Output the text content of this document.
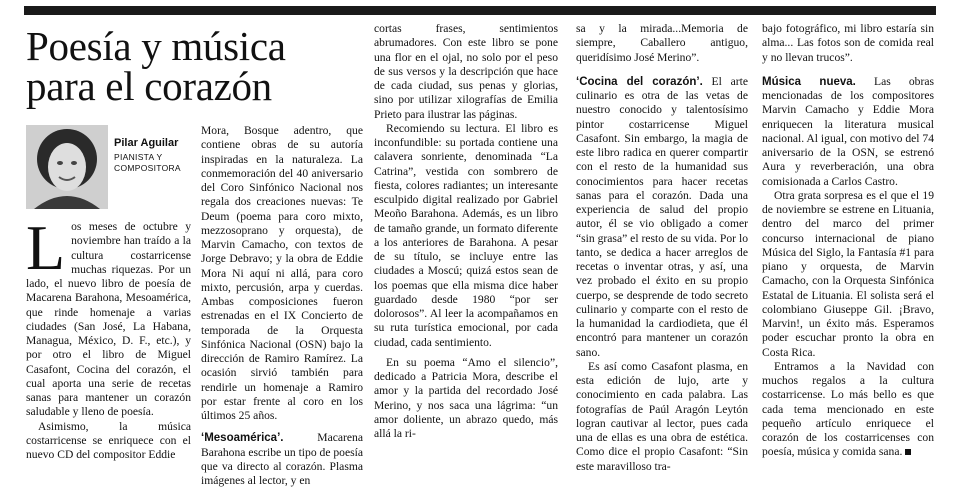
Poesía y música para el corazón
Pilar Aguilar
PIANISTA Y COMPOSITORA

L os meses de octubre y noviembre han traído a la cultura costarricense muchas riquezas. Por un lado, el nuevo libro de poesía de Macarena Barahona, Mesoamérica, que rinde homenaje a varias ciudades (San José, La Habana, Managua, México, D. F., etc.), y por otro el libro de Miguel Casafont, Cocina del corazón, el cual aporta una serie de recetas sanas para mantener un corazón saludable y lleno de poesía.

Asimismo, la música costarricense se enriquece con el nuevo CD del compositor Eddie

Mora, Bosque adentro, que contiene obras de su autoría inspiradas en la naturaleza. La conmemoración del 40 aniversario del Coro Sinfónico Nacional nos regala dos creaciones nuevas: Te Deum (poema para coro mixto, mezzosoprano y orquesta), de Marvin Camacho, con textos de Jorge Debravo; y la obra de Eddie Mora Ni aquí ni allá, para coro mixto, percusión, arpa y cuerdas. Ambas composiciones fueron estrenadas en el IX Concierto de temporada de la Orquesta Sinfónica Nacional (OSN) bajo la dirección de Ramiro Ramírez. La ocasión sirvió también para rendirle un homenaje a Ramiro por estar frente al coro en los últimos 25 años.

‘Mesoamérica’.	Macarena Barahona escribe un tipo de poesía que va directo al corazón. Plasma imágenes al lector, y en

cortas frases, sentimientos abrumadores. Con este libro se pone una flor en el ojal, no solo por el peso de sus versos y la descripción que hace de cada ciudad, sus penas y glorias, sino por utilizar xilografías de Emilia Prieto para ilustrar las páginas.

Recomiendo su lectura. El libro es inconfundible: su portada contiene una calavera sonriente, denominada “La Catrina”, vestida con sombrero de fiesta, colores radiantes; un interesante esculpido digital realizado por Gabriel Meoño Barahona. Además, es un libro de tamaño grande, un formato diferente a los anteriores de Barahona. A pesar de su título, se incluye entre las ciudades a Moscú; quizá estos sean de los poemas que ella misma dice haber guardado desde 1980 “por ser dolorosos”. Al leer la acompañamos en su ruta turística emocional, por cada ciudad, cada sentimiento.

En su poema “Amo el silencio”, dedicado a Patricia Mora, describe el amor y la partida del recordado José Merino, y nos saca una lágrima: “un amor doliente, un abrazo quedo, más allá la ri-

sa y la mirada...Memoria de siempre, Caballero antiguo, queridísimo José Merino”.

‘Cocina del corazón’. El arte culinario es otra de las vetas de nuestro conocido y talentosísimo pintor costarricense Miguel Casafont. Sin embargo, la magia de este libro radica en querer compartir con el resto de la humanidad sus conocimientos para hacer recetas sanas para el corazón. Dada una experiencia de salud del propio autor, él se vio obligado a comer “sin grasa” el resto de su vida. Por lo tanto, se dedica a hacer arreglos de recetas o inventar otras, y así, una vez probado el éxito en su propio cuerpo, se desprende de todo secreto culinario y comparte con el resto de la humanidad la cardiodieta, que él encontró para mantener un corazón sano.

Es así como Casafont plasma, en esta edición de lujo, arte y conocimiento en cada palabra. Las fotografías de Paúl Aragón Leytón logran cautivar al lector, pues cada una de ellas es una obra de estética. Como dice el propio Casafont: “Sin este maravilloso tra-

bajo fotográfico, mi libro estaría sin alma... Las fotos son de comida real y no llevan trucos”.

Música nueva. Las obras mencionadas de los compositores Marvin Camacho y Eddie Mora enriquecen la literatura musical nacional. Al igual, con motivo del 74 aniversario de la OSN, se estrenó Aura y reverberación, una obra comisionada a Carlos Castro.

Otra grata sorpresa es el que el 19 de noviembre se estrene en Lituania, dentro del marco del primer concurso internacional de piano Música del Siglo, la Fantasía #1 para piano y orquesta, de Marvin Camacho, con la Orquesta Sinfónica Estatal de Lituania. El solista será el colombiano Giuseppe Gil. ¡Bravo, Marvin!, un éxito más. Esperamos poder escuchar pronto la obra en Costa Rica.

Entramos a la Navidad con muchos regalos a la cultura costarricense. Lo más bello es que cada tema mencionado en este pequeño artículo enriquece el corazón de los costarricenses con poesía, música y comida sana.
